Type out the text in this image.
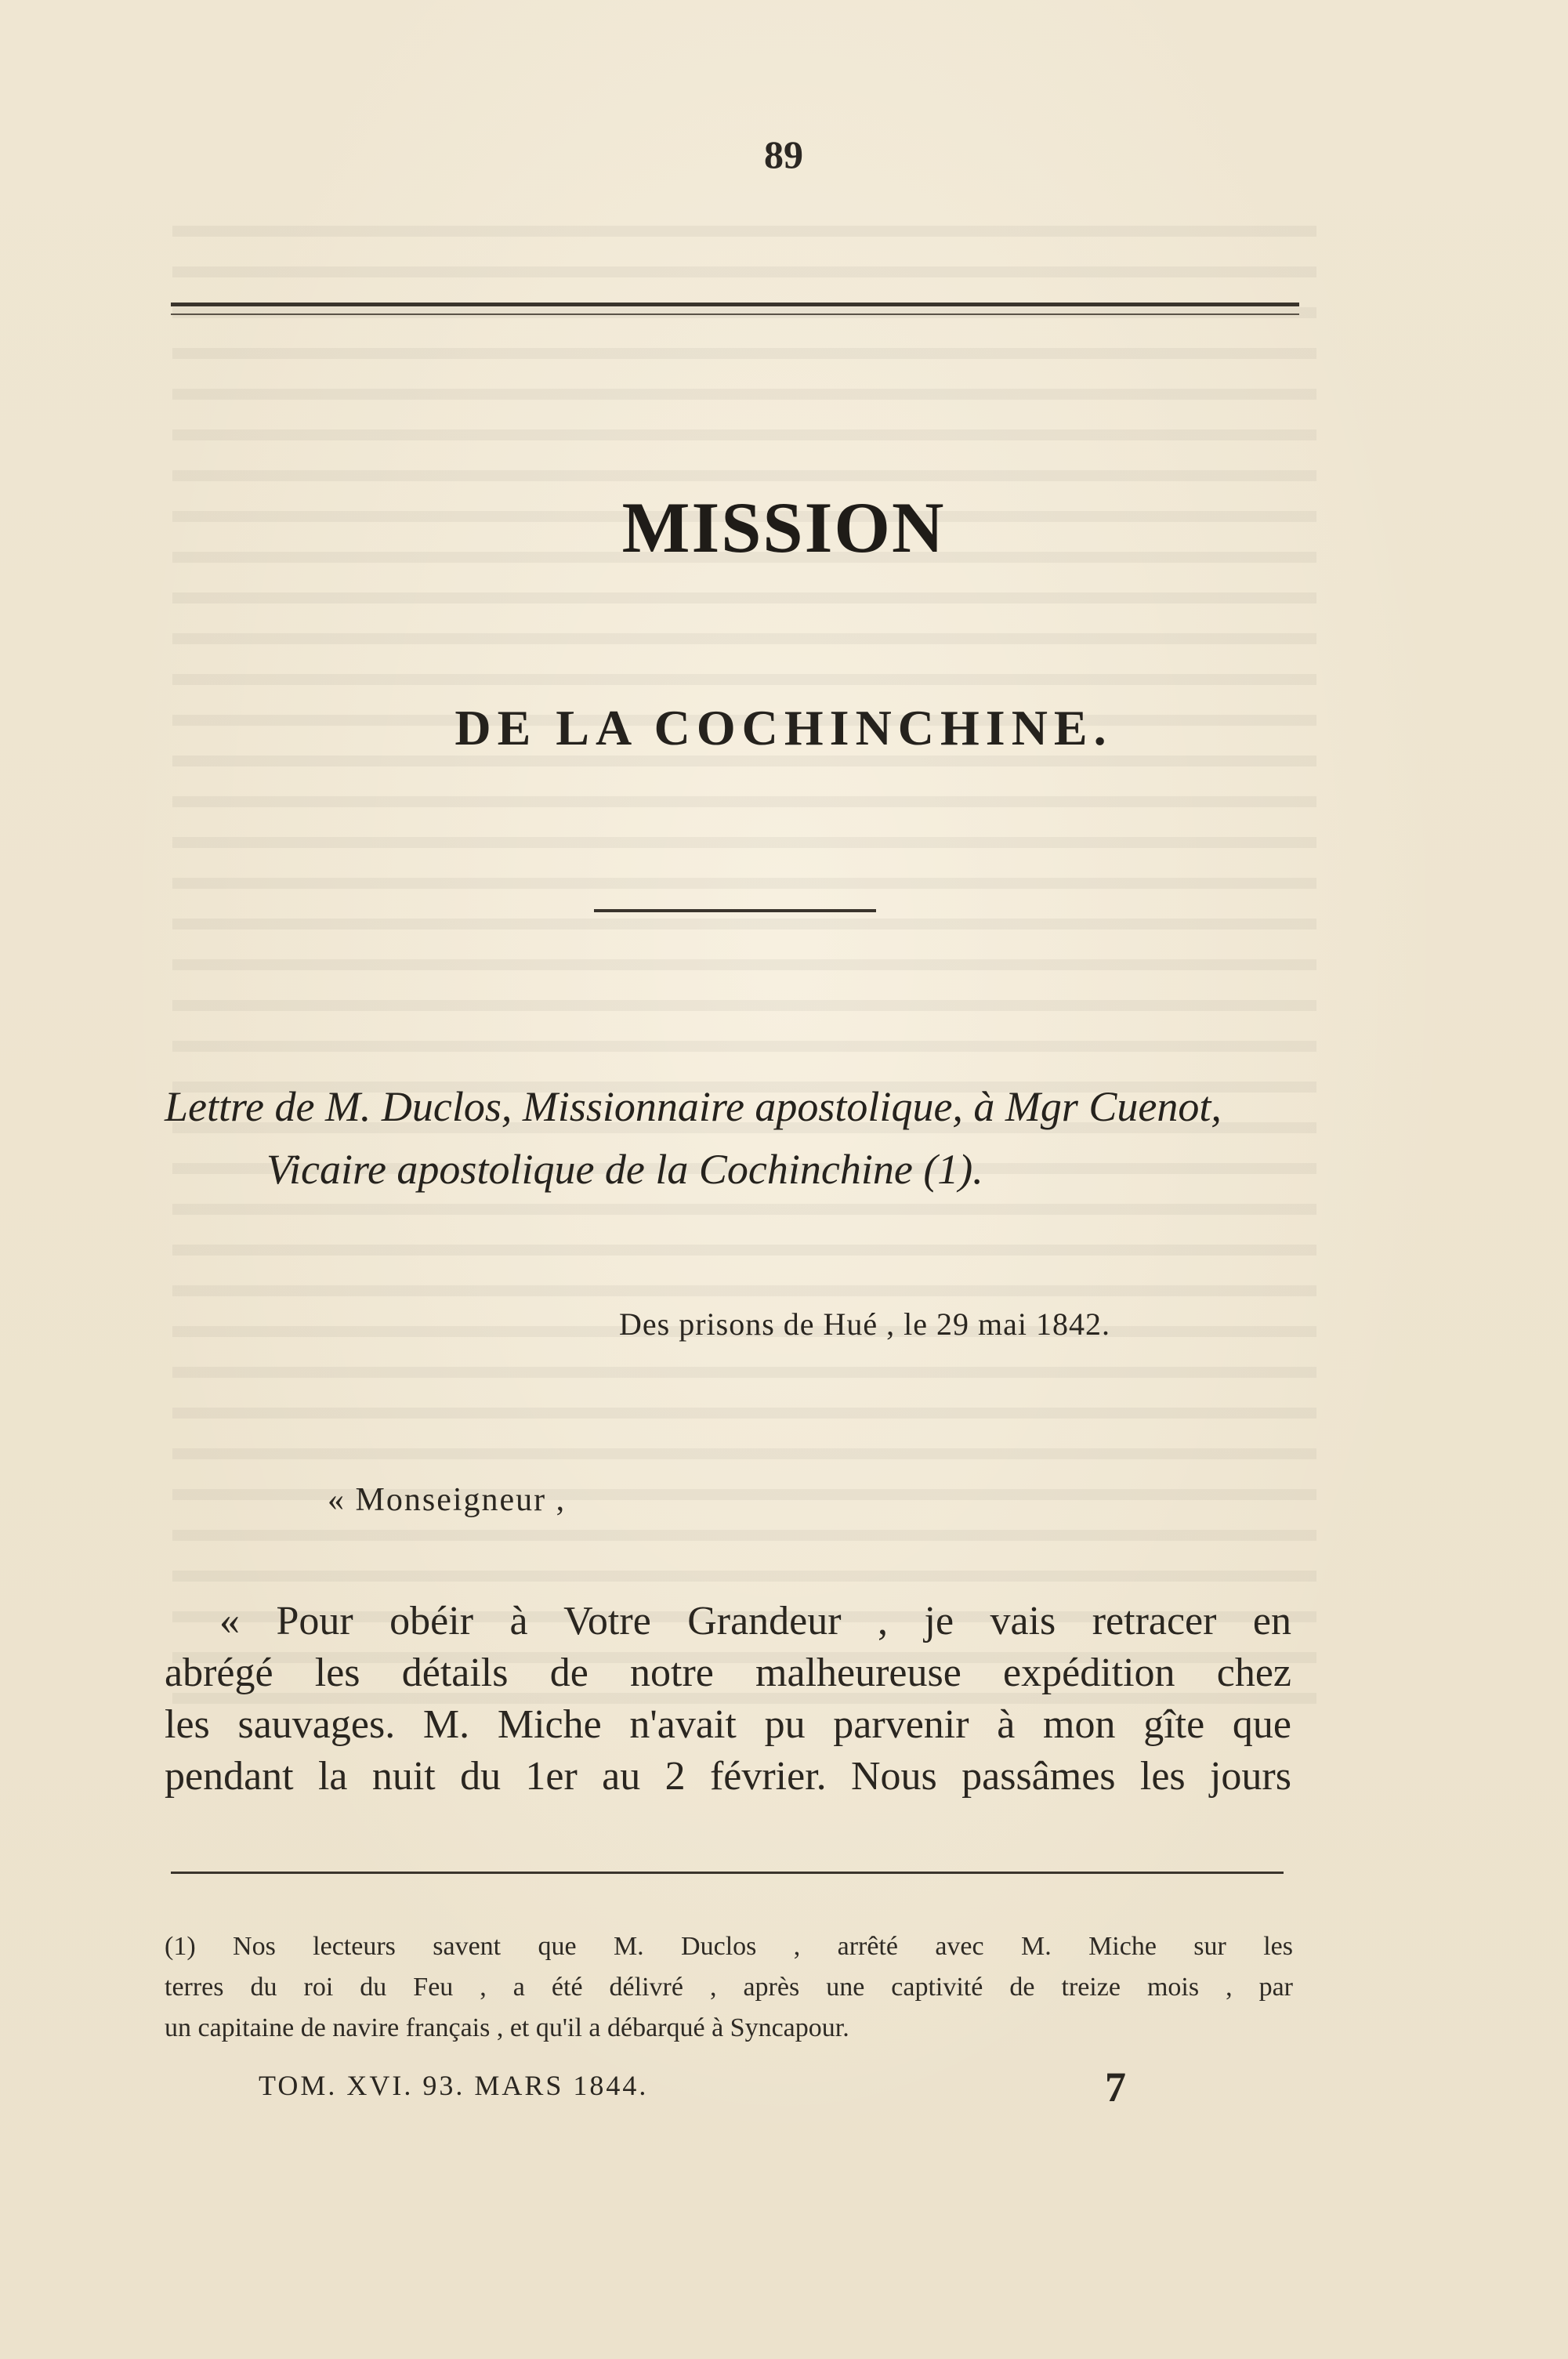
89
MISSION
DE LA COCHINCHINE.
Lettre de M. Duclos, Missionnaire apostolique, à Mgr Cuenot,
Vicaire apostolique de la Cochinchine (1).
Des prisons de Hué , le 29 mai 1842.
« Monseigneur ,
« Pour obéir à Votre Grandeur , je vais retracer en
abrégé les détails de notre malheureuse expédition chez
les sauvages. M. Miche n'avait pu parvenir à mon gîte que
pendant la nuit du 1er au 2 février. Nous passâmes les jours
(1) Nos lecteurs savent que M. Duclos , arrêté avec M. Miche sur les
terres du roi du Feu , a été délivré , après une captivité de treize mois , par
un capitaine de navire français , et qu'il a débarqué à Syncapour.
TOM. XVI. 93. MARS 1844.	7
